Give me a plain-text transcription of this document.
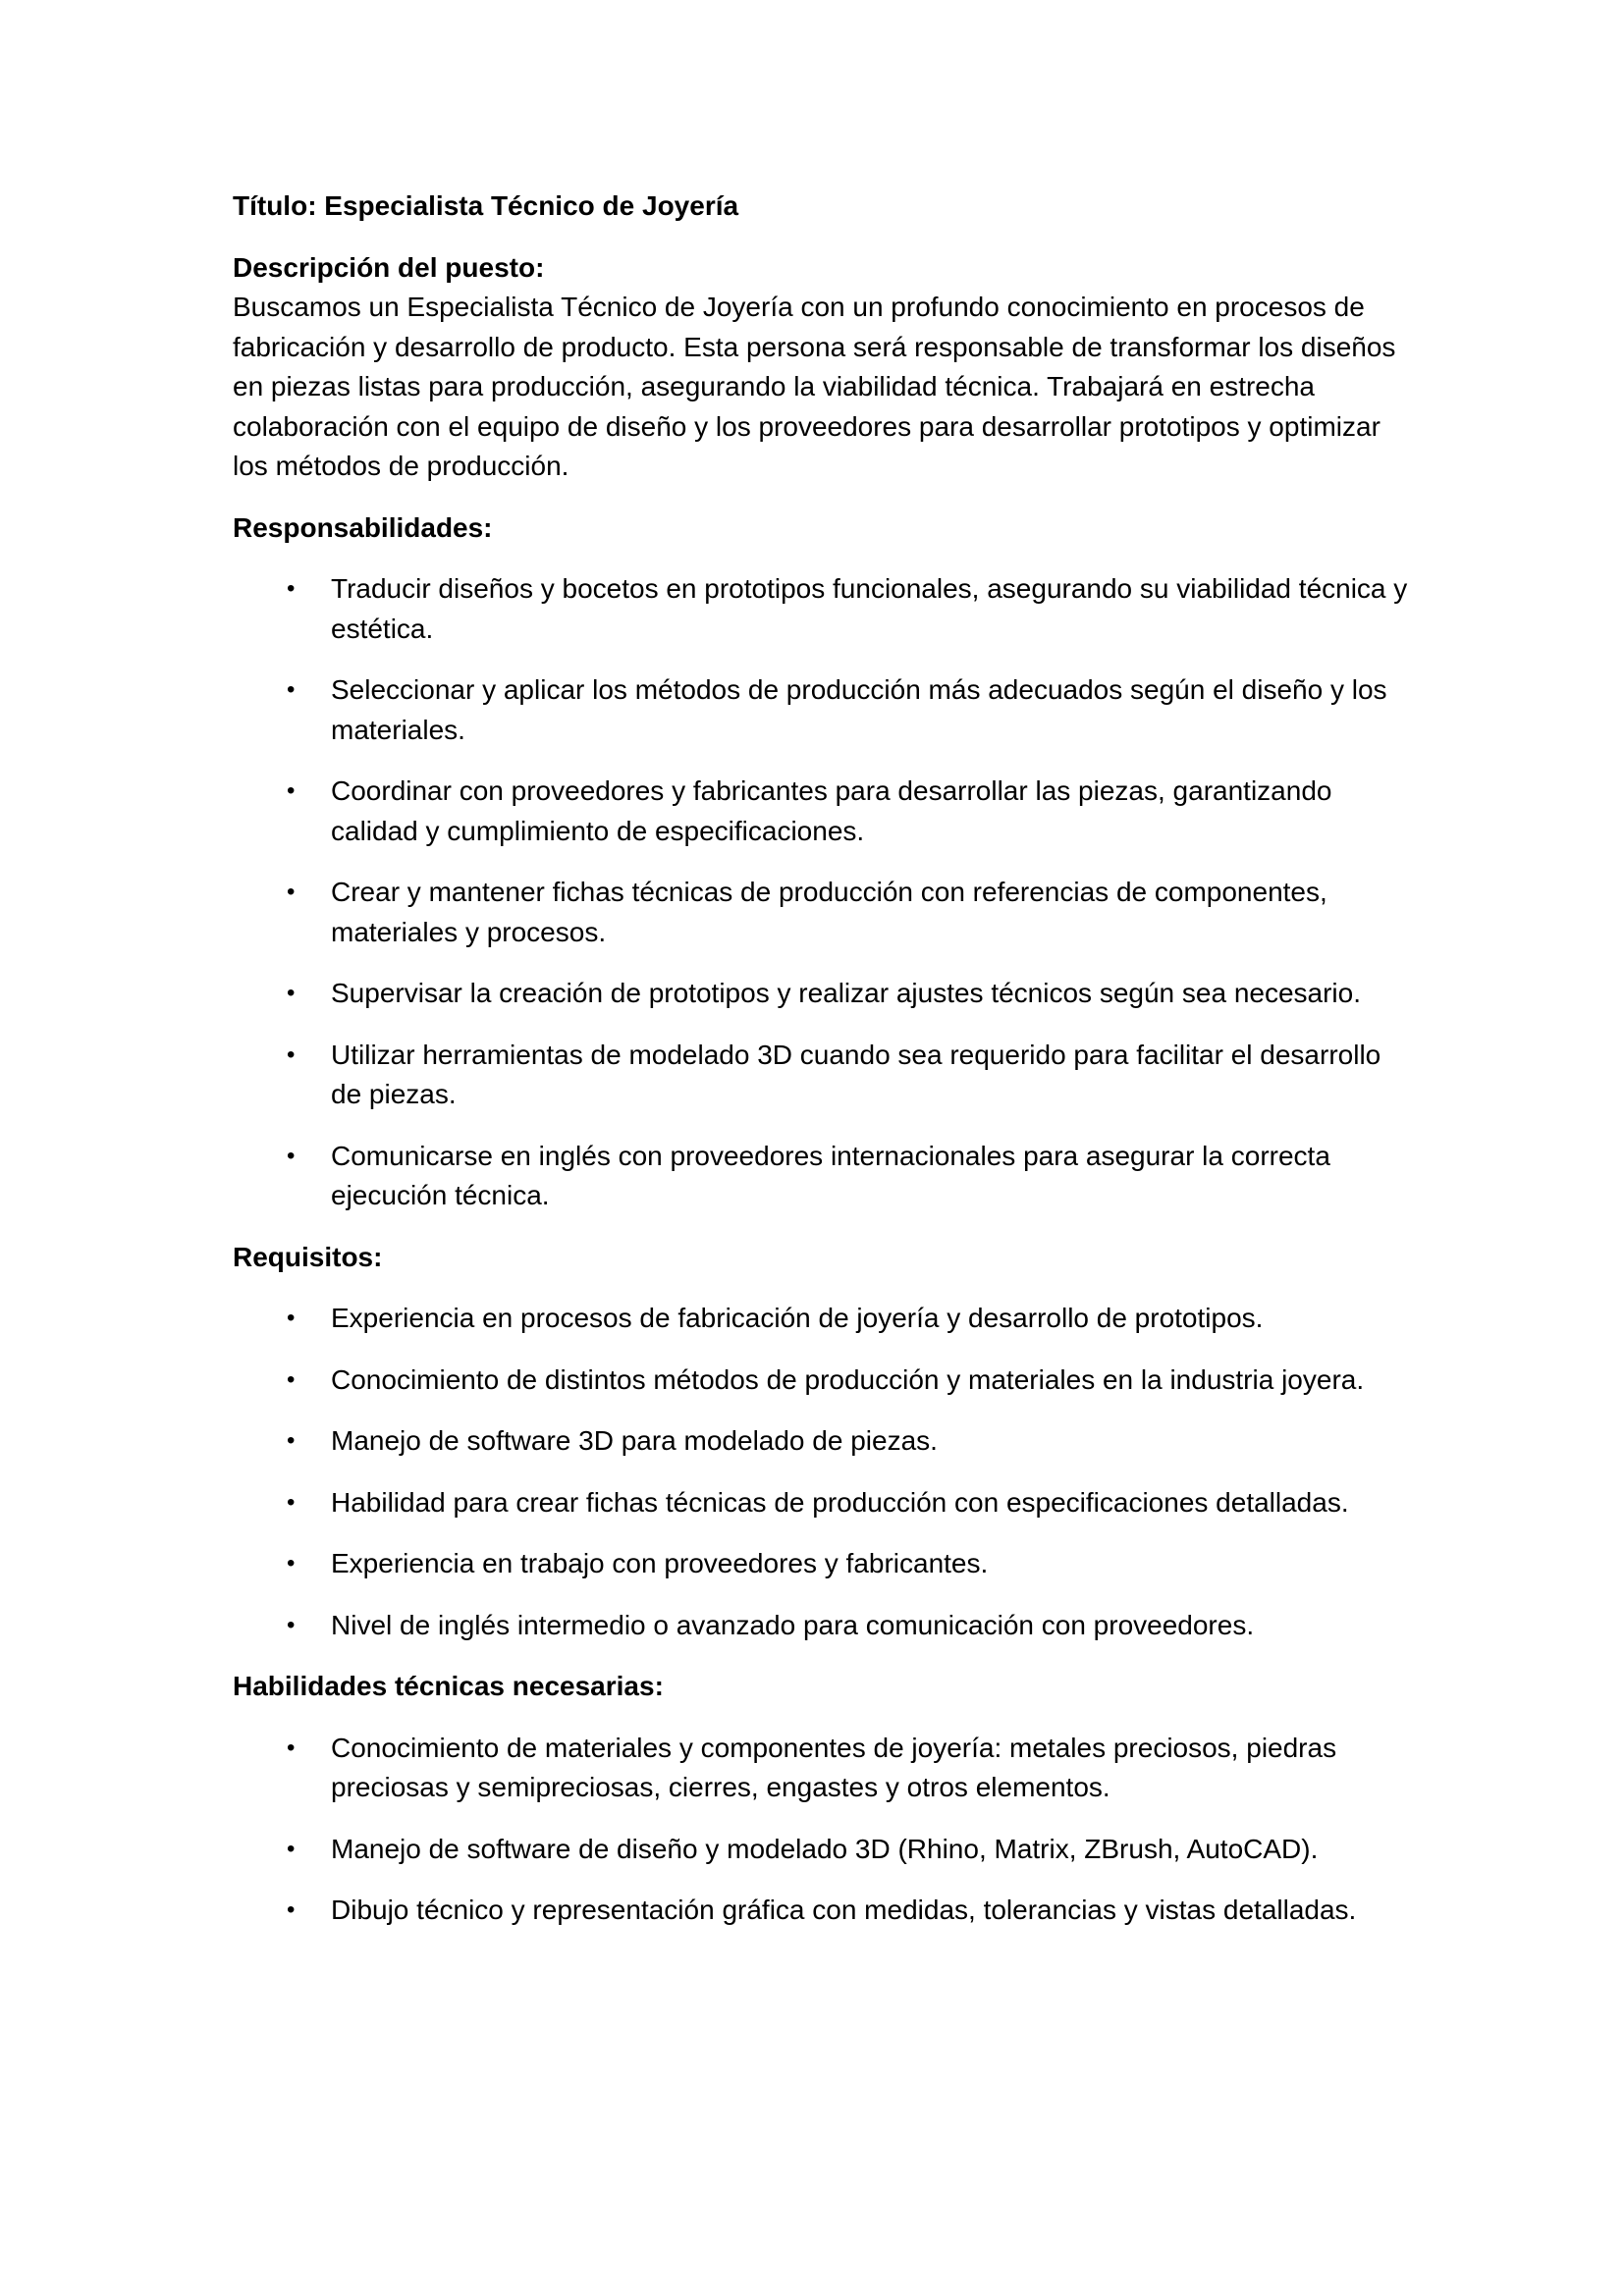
Título: Especialista Técnico de Joyería

Descripción del puesto:

Buscamos un Especialista Técnico de Joyería con un profundo conocimiento en procesos de fabricación y desarrollo de producto. Esta persona será responsable de transformar los diseños en piezas listas para producción, asegurando la viabilidad técnica. Trabajará en estrecha colaboración con el equipo de diseño y los proveedores para desarrollar prototipos y optimizar los métodos de producción.

Responsabilidades:

• Traducir diseños y bocetos en prototipos funcionales, asegurando su viabilidad técnica y estética.
• Seleccionar y aplicar los métodos de producción más adecuados según el diseño y los materiales.
• Coordinar con proveedores y fabricantes para desarrollar las piezas, garantizando calidad y cumplimiento de especificaciones.
• Crear y mantener fichas técnicas de producción con referencias de componentes, materiales y procesos.
• Supervisar la creación de prototipos y realizar ajustes técnicos según sea necesario.
• Utilizar herramientas de modelado 3D cuando sea requerido para facilitar el desarrollo de piezas.
• Comunicarse en inglés con proveedores internacionales para asegurar la correcta ejecución técnica.

Requisitos:

• Experiencia en procesos de fabricación de joyería y desarrollo de prototipos.
• Conocimiento de distintos métodos de producción y materiales en la industria joyera.
• Manejo de software 3D para modelado de piezas.
• Habilidad para crear fichas técnicas de producción con especificaciones detalladas.
• Experiencia en trabajo con proveedores y fabricantes.
• Nivel de inglés intermedio o avanzado para comunicación con proveedores.

Habilidades técnicas necesarias:

• Conocimiento de materiales y componentes de joyería: metales preciosos, piedras preciosas y semipreciosas, cierres, engastes y otros elementos.
• Manejo de software de diseño y modelado 3D (Rhino, Matrix, ZBrush, AutoCAD).
• Dibujo técnico y representación gráfica con medidas, tolerancias y vistas detalladas.
